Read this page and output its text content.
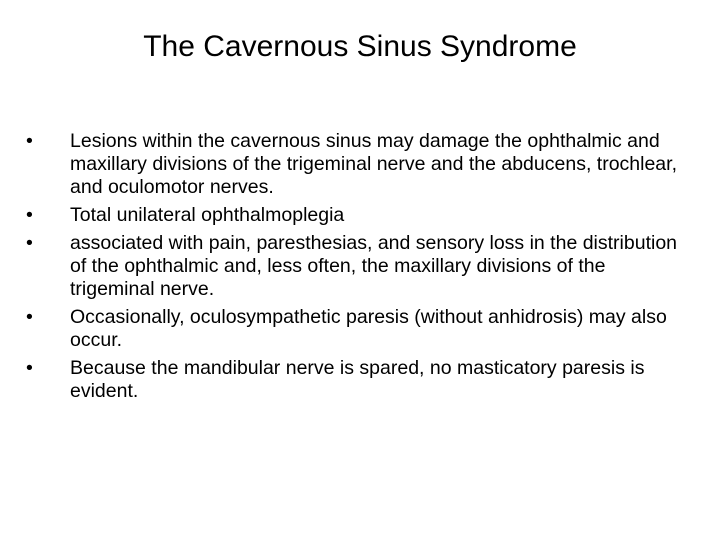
The Cavernous Sinus Syndrome
•	Lesions within the cavernous sinus may damage the ophthalmic and maxillary divisions of the trigeminal nerve and the abducens, trochlear, and oculomotor nerves.
•	Total unilateral ophthalmoplegia
•	associated with pain, paresthesias, and sensory loss in the distribution of the ophthalmic and, less often, the maxillary divisions of the trigeminal nerve.
•	Occasionally, oculosympathetic paresis (without anhidrosis) may also occur.
•	Because the mandibular nerve is spared, no masticatory paresis is evident.
